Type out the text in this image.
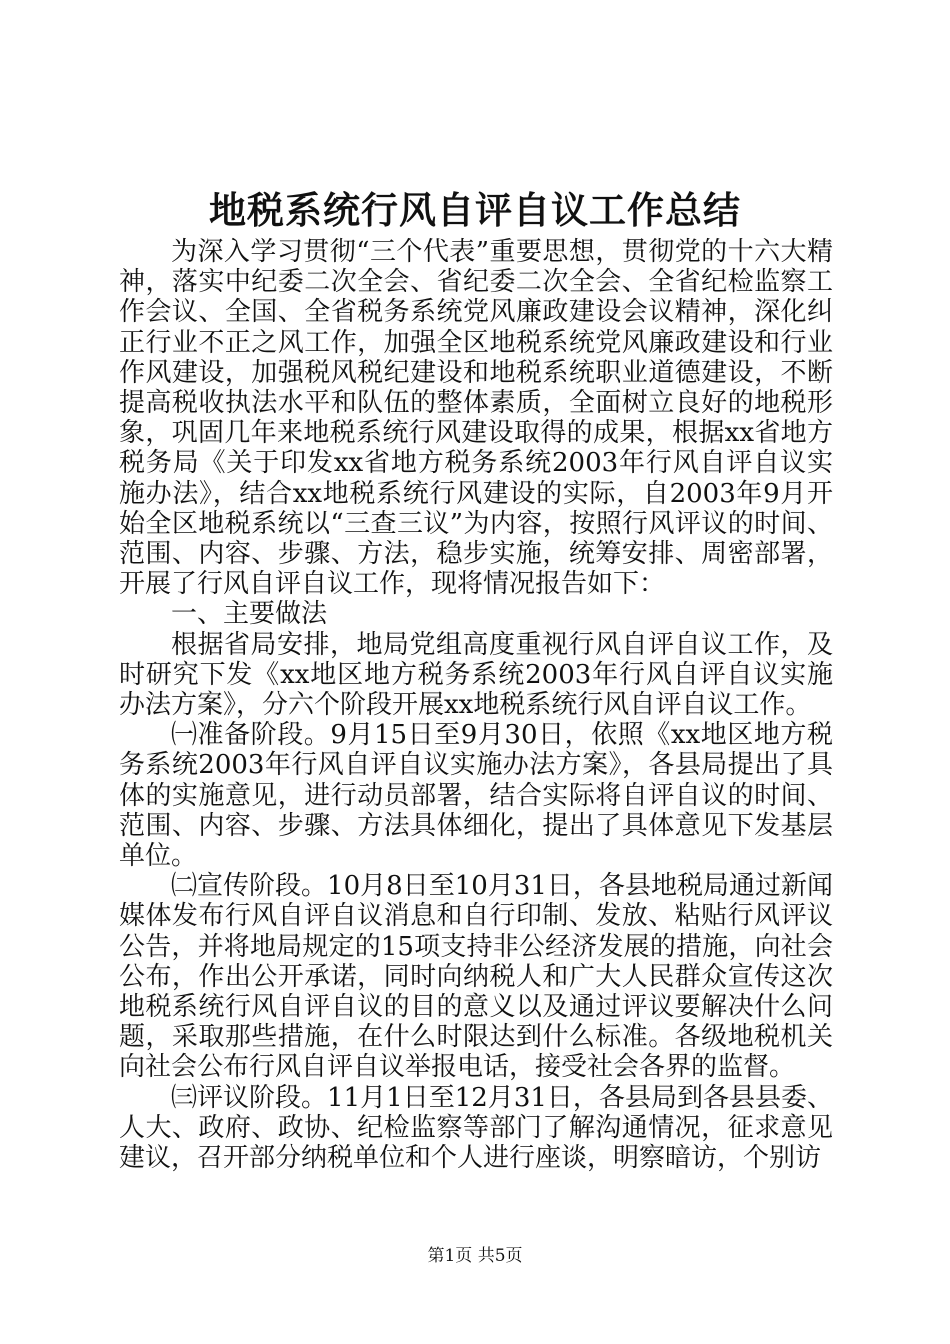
地税系统行风自评自议工作总结

为深入学习贯彻“三个代表”重要思想，贯彻党的十六大精神，落实中纪委二次全会、省纪委二次全会、全省纪检监察工作会议、全国、全省税务系统党风廉政建设会议精神，深化纠正行业不正之风工作，加强全区地税系统党风廉政建设和行业作风建设，加强税风税纪建设和地税系统职业道德建设，不断提高税收执法水平和队伍的整体素质，全面树立良好的地税形象，巩固几年来地税系统行风建设取得的成果，根据xx省地方税务局《关于印发xx省地方税务系统2003年行风自评自议实施办法》，结合xx地税系统行风建设的实际，自2003年9月开始全区地税系统以“三查三议”为内容，按照行风评议的时间、范围、内容、步骤、方法，稳步实施，统筹安排、周密部署，开展了行风自评自议工作，现将情况报告如下：

一、主要做法

根据省局安排，地局党组高度重视行风自评自议工作，及时研究下发《xx地区地方税务系统2003年行风自评自议实施办法方案》，分六个阶段开展xx地税系统行风自评自议工作。

㈠准备阶段。9月15日至9月30日，依照《xx地区地方税务系统2003年行风自评自议实施办法方案》，各县局提出了具体的实施意见，进行动员部署，结合实际将自评自议的时间、范围、内容、步骤、方法具体细化，提出了具体意见下发基层单位。

㈡宣传阶段。10月8日至10月31日，各县地税局通过新闻媒体发布行风自评自议消息和自行印制、发放、粘贴行风评议公告，并将地局规定的15项支持非公经济发展的措施，向社会公布，作出公开承诺，同时向纳税人和广大人民群众宣传这次地税系统行风自评自议的目的意义以及通过评议要解决什么问题，采取那些措施，在什么时限达到什么标准。各级地税机关向社会公布行风自评自议举报电话，接受社会各界的监督。

㈢评议阶段。11月1日至12月31日，各县局到各县县委、人大、政府、政协、纪检监察等部门了解沟通情况，征求意见建议，召开部分纳税单位和个人进行座谈，明察暗访，个别访

第1页 共5页
